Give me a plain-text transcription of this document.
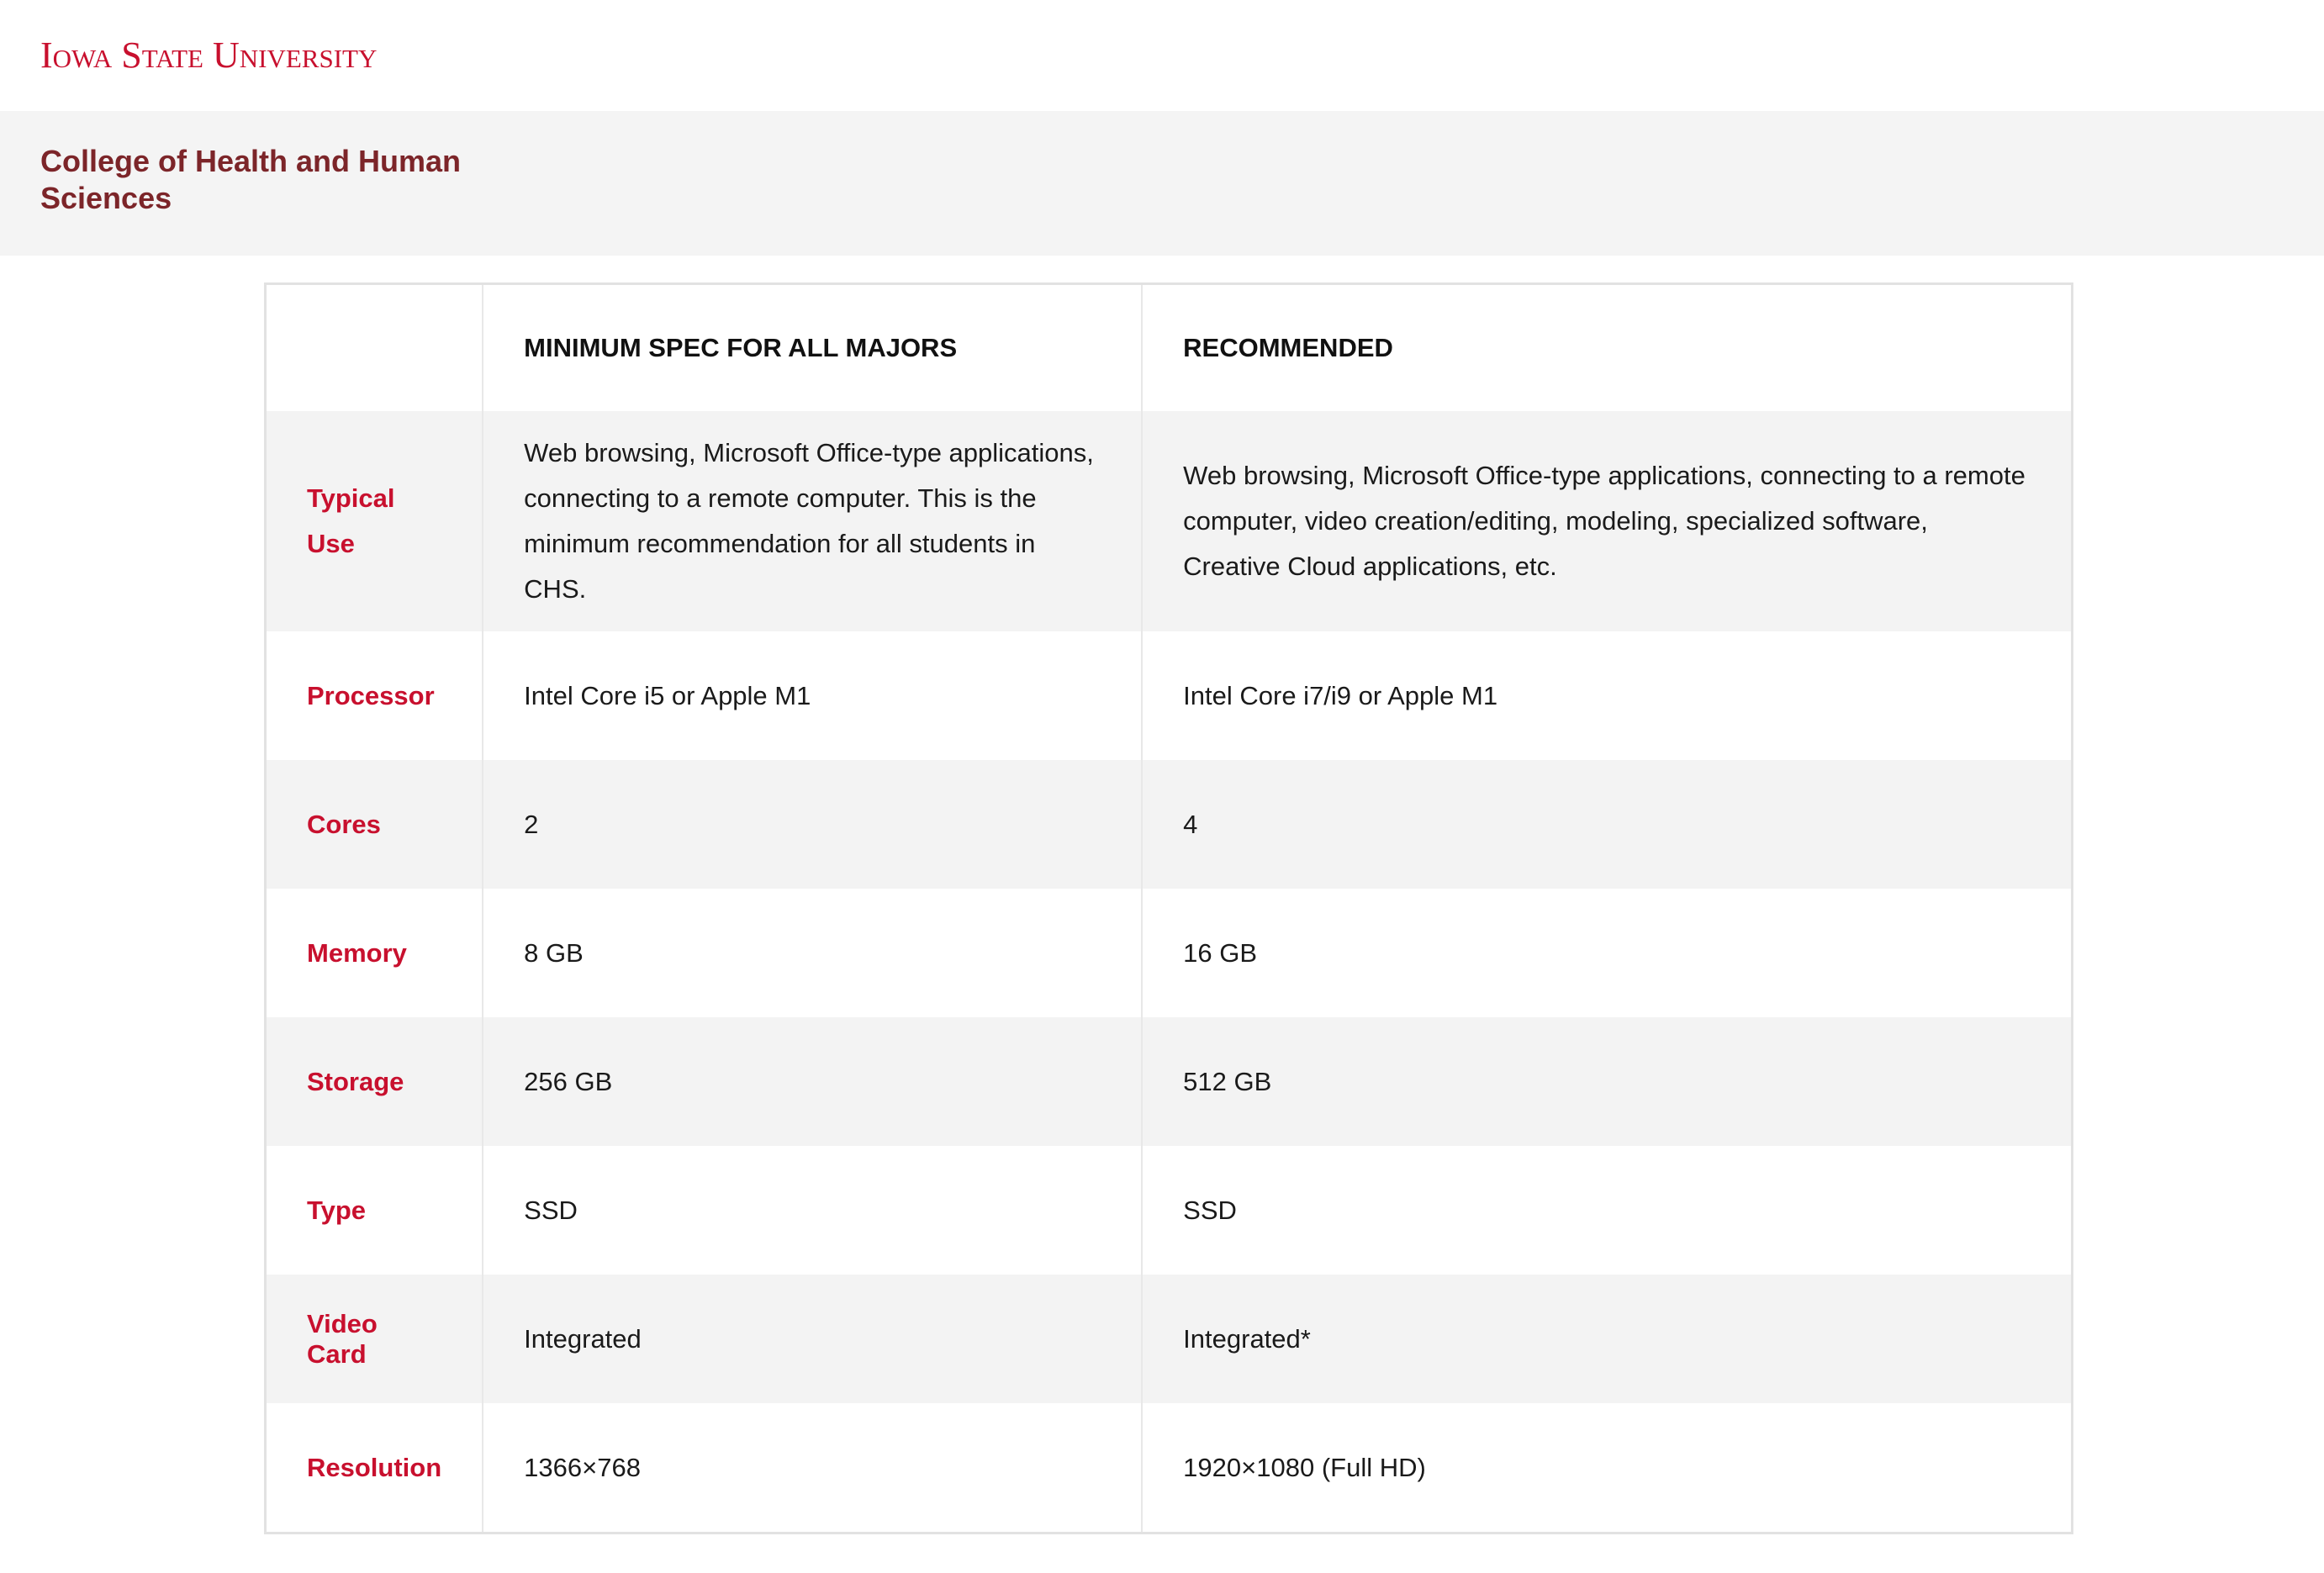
Iowa State University
College of Health and Human Sciences
	MINIMUM SPEC FOR ALL MAJORS	RECOMMENDED
Typical Use	Web browsing, Microsoft Office-type applications, connecting to a remote computer. This is the minimum recommendation for all students in CHS.	Web browsing, Microsoft Office-type applications, connecting to a remote computer, video creation/editing, modeling, specialized software, Creative Cloud applications, etc.
Processor	Intel Core i5 or Apple M1	Intel Core i7/i9 or Apple M1
Cores	2	4
Memory	8 GB	16 GB
Storage	256 GB	512 GB
Type	SSD	SSD
Video Card	Integrated	Integrated*
Resolution	1366×768	1920×1080 (Full HD)
